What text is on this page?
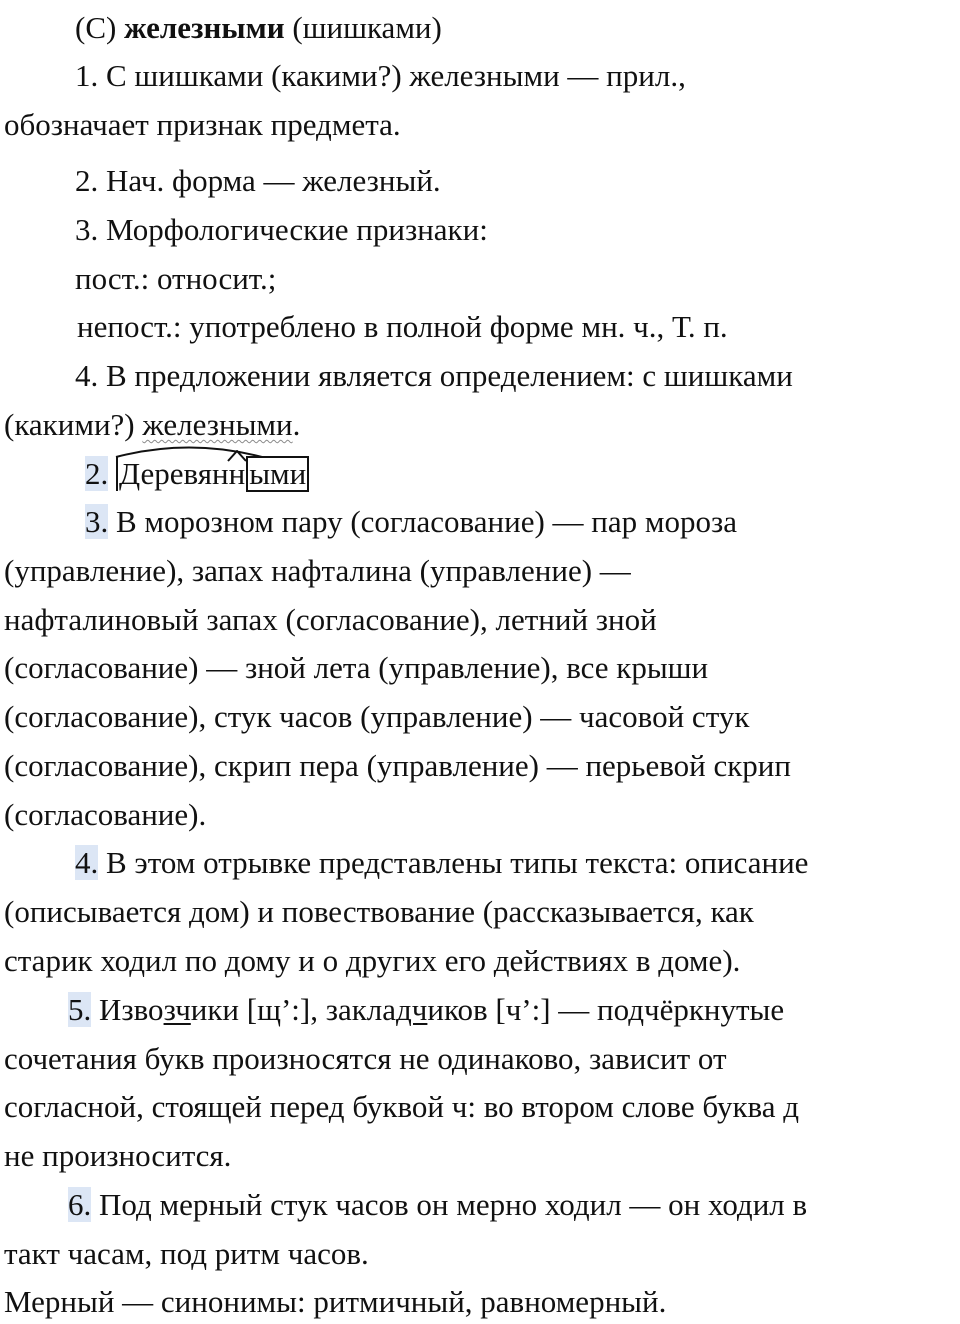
(С) железными (шишками)
1. С шишками (какими?) железными — прил.,
обозначает признак предмета.
2. Нач. форма — железный.
3. Морфологические признаки:
пост.: относит.;
непост.: употреблено в полной форме мн. ч., Т. п.
4. В предложении является определением: с шишками
(какими?) железными.
2. Деревян
н ыми
3. В морозном пару (согласование) — пар мороза
(управление), запах нафталина (управление) —
нафталиновый запах (согласование), летний зной
(согласование) — зной лета (управление), все крыши
(согласование), стук часов (управление) — часовой стук
(согласование), скрип пера (управление) — перьевой скрип
(согласование).
4. В этом отрывке представлены типы текста: описание
(описывается дом) и повествование (рассказывается, как
старик ходил по дому и о других его действиях в доме).
5. Извозчики [щ’:], закладчиков [ч’:] — подчёркнутые
сочетания букв произносятся не одинаково, зависит от
согласной, стоящей перед буквой ч: во втором слове буква д
не произносится.
6. Под мерный стук часов он мерно ходил — он ходил в
такт часам, под ритм часов.
Мерный — синонимы: ритмичный, равномерный.
